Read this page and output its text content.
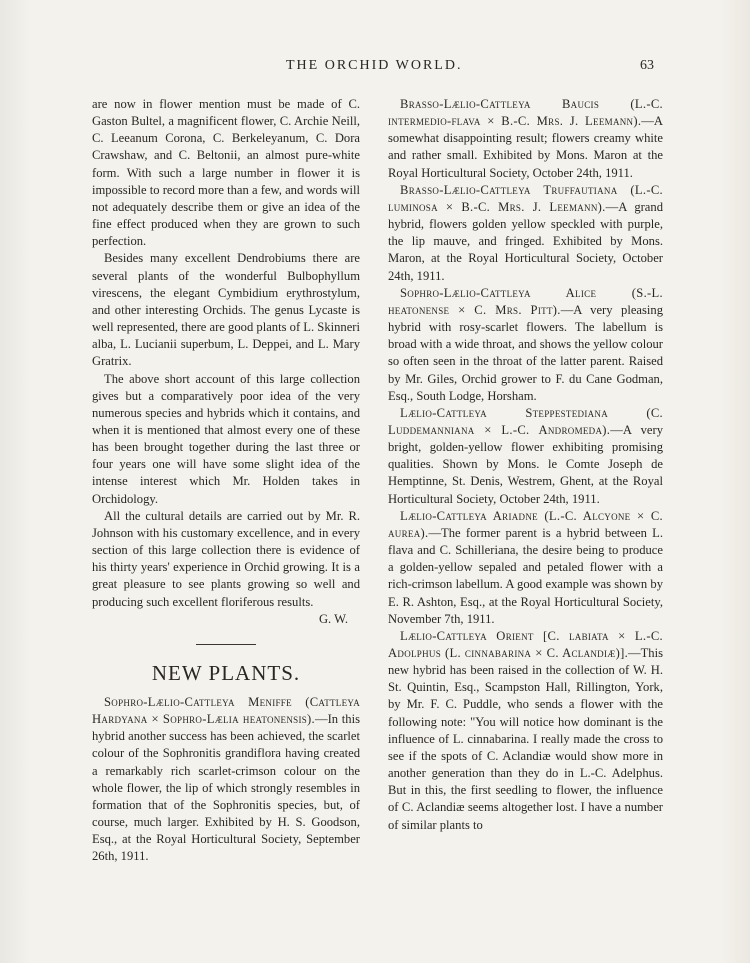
THE ORCHID WORLD.	63

are now in flower mention must be made of C. Gaston Bultel, a magnificent flower, C. Archie Neill, C. Leeanum Corona, C. Berkeleyanum, C. Dora Crawshaw, and C. Beltonii, an almost pure-white form. With such a large number in flower it is impossible to record more than a few, and words will not adequately describe them or give an idea of the fine effect produced when they are grown to such perfection.

Besides many excellent Dendrobiums there are several plants of the wonderful Bulbophyllum virescens, the elegant Cymbidium erythrostylum, and other interesting Orchids. The genus Lycaste is well represented, there are good plants of L. Skinneri alba, L. Lucianii superbum, L. Deppei, and L. Mary Gratrix.

The above short account of this large collection gives but a comparatively poor idea of the very numerous species and hybrids which it contains, and when it is mentioned that almost every one of these has been brought together during the last three or four years one will have some slight idea of the intense interest which Mr. Holden takes in Orchidology.

All the cultural details are carried out by Mr. R. Johnson with his customary excellence, and in every section of this large collection there is evidence of his thirty years' experience in Orchid growing. It is a great pleasure to see plants growing so well and producing such excellent floriferous results.

G. W.

NEW PLANTS.

Sophro-Lælio-Cattleya Meniffe (Cattleya Hardyana × Sophro-Lælia heatonensis).—In this hybrid another success has been achieved, the scarlet colour of the Sophronitis grandiflora having created a remarkably rich scarlet-crimson colour on the whole flower, the lip of which strongly resembles in formation that of the Sophronitis species, but, of course, much larger. Exhibited by H. S. Goodson, Esq., at the Royal Horticultural Society, September 26th, 1911.

Brasso-Lælio-Cattleya Baucis (L.-C. intermedio-flava × B.-C. Mrs. J. Leemann).—A somewhat disappointing result; flowers creamy white and rather small. Exhibited by Mons. Maron at the Royal Horticultural Society, October 24th, 1911.

Brasso-Lælio-Cattleya Truffautiana (L.-C. luminosa × B.-C. Mrs. J. Leemann).—A grand hybrid, flowers golden yellow speckled with purple, the lip mauve, and fringed. Exhibited by Mons. Maron, at the Royal Horticultural Society, October 24th, 1911.

Sophro-Lælio-Cattleya Alice (S.-L. heatonense × C. Mrs. Pitt).—A very pleasing hybrid with rosy-scarlet flowers. The labellum is broad with a wide throat, and shows the yellow colour so often seen in the throat of the latter parent. Raised by Mr. Giles, Orchid grower to F. du Cane Godman, Esq., South Lodge, Horsham.

Lælio-Cattleya Steppestediana (C. Luddemanniana × L.-C. Andromeda).—A very bright, golden-yellow flower exhibiting promising qualities. Shown by Mons. le Comte Joseph de Hemptinne, St. Denis, Westrem, Ghent, at the Royal Horticultural Society, October 24th, 1911.

Lælio-Cattleya Ariadne (L.-C. Alcyone × C. aurea).—The former parent is a hybrid between L. flava and C. Schilleriana, the desire being to produce a golden-yellow sepaled and petaled flower with a rich-crimson labellum. A good example was shown by E. R. Ashton, Esq., at the Royal Horticultural Society, November 7th, 1911.

Lælio-Cattleya Orient [C. labiata × L.-C. Adolphus (L. cinnabarina × C. Aclandiæ)].—This new hybrid has been raised in the collection of W. H. St. Quintin, Esq., Scampston Hall, Rillington, York, by Mr. F. C. Puddle, who sends a flower with the following note: "You will notice how dominant is the influence of L. cinnabarina. I really made the cross to see if the spots of C. Aclandiæ would show more in another generation than they do in L.-C. Adelphus. But in this, the first seedling to flower, the influence of C. Aclandiæ seems altogether lost. I have a number of similar plants to
